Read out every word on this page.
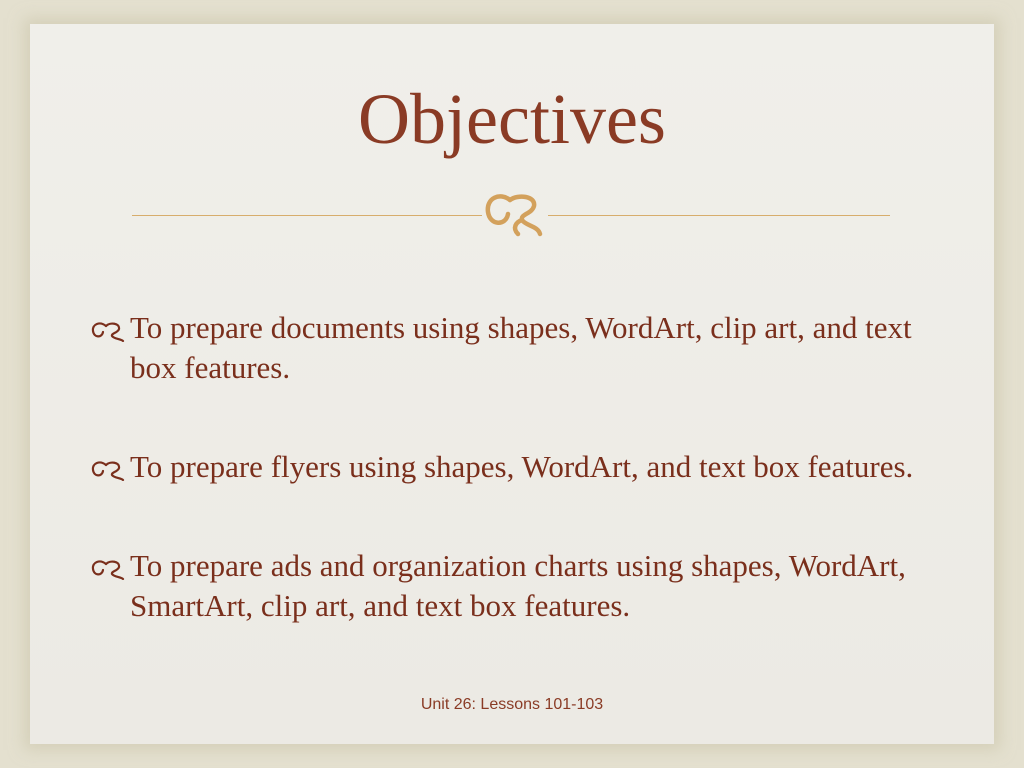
Objectives
To prepare documents using shapes, WordArt, clip art, and text box features.
To prepare flyers using shapes, WordArt, and text box features.
To prepare ads and organization charts using shapes, WordArt, SmartArt, clip art, and text box features.
Unit 26: Lessons 101-103
